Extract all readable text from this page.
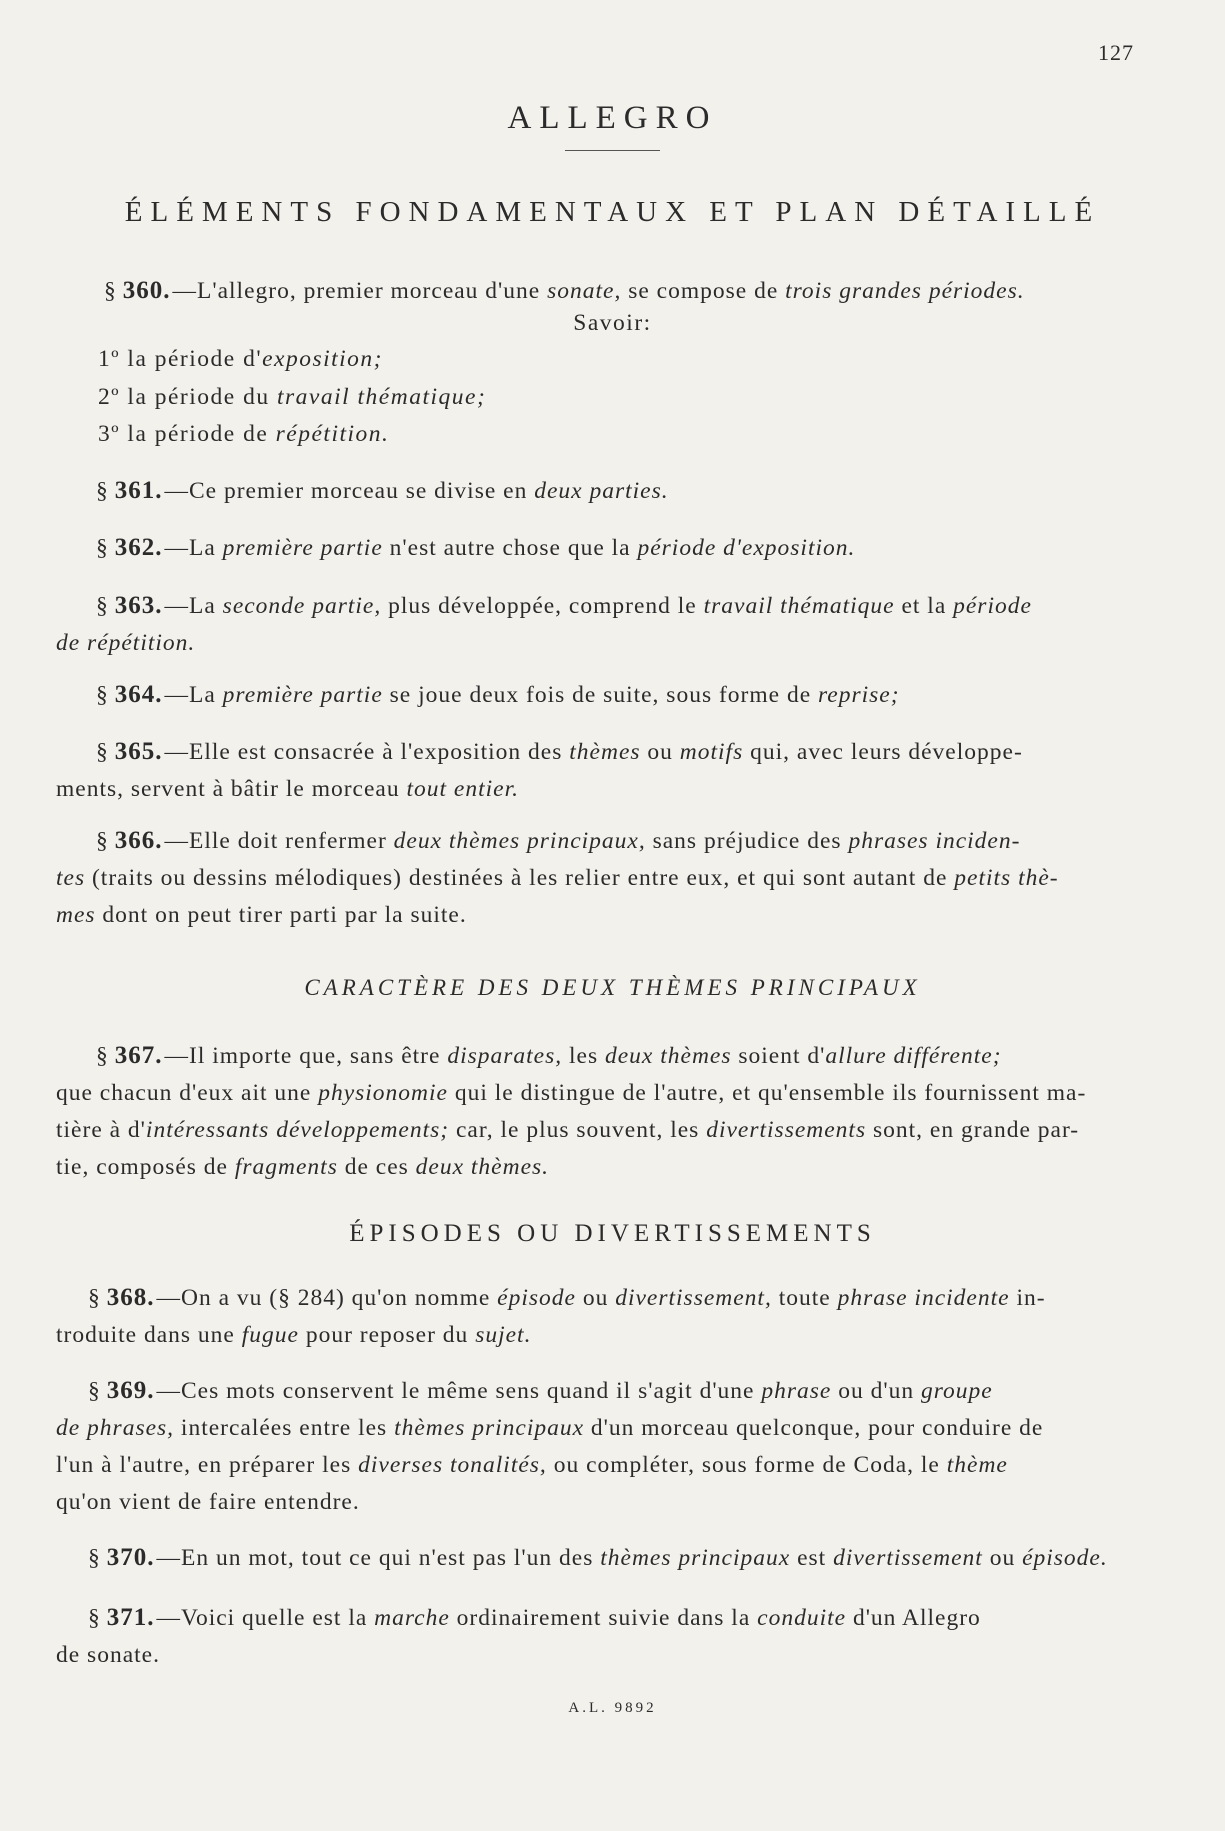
127
ALLEGRO
ÉLÉMENTS FONDAMENTAUX ET PLAN DÉTAILLÉ
§ 360.—L'allegro, premier morceau d'une sonate, se compose de trois grandes périodes.
Savoir:
1º la période d'exposition;
2º la période du travail thématique;
3º la période de répétition.
§ 361.—Ce premier morceau se divise en deux parties.
§ 362.—La première partie n'est autre chose que la période d'exposition.
§ 363.—La seconde partie, plus développée, comprend le travail thématique et la période
de répétition.
§ 364.—La première partie se joue deux fois de suite, sous forme de reprise;
§ 365.—Elle est consacrée à l'exposition des thèmes ou motifs qui, avec leurs développe-
ments, servent à bâtir le morceau tout entier.
§ 366.—Elle doit renfermer deux thèmes principaux, sans préjudice des phrases inciden-
tes (traits ou dessins mélodiques) destinées à les relier entre eux, et qui sont autant de petits thè-
mes dont on peut tirer parti par la suite.
CARACTÈRE DES DEUX THÈMES PRINCIPAUX
§ 367.—Il importe que, sans être disparates, les deux thèmes soient d'allure différente;
que chacun d'eux ait une physionomie qui le distingue de l'autre, et qu'ensemble ils fournissent ma-
tière à d'intéressants développements; car, le plus souvent, les divertissements sont, en grande par-
tie, composés de fragments de ces deux thèmes.
ÉPISODES OU DIVERTISSEMENTS
§ 368.—On a vu (§ 284) qu'on nomme épisode ou divertissement, toute phrase incidente in-
troduite dans une fugue pour reposer du sujet.
§ 369.—Ces mots conservent le même sens quand il s'agit d'une phrase ou d'un groupe
de phrases, intercalées entre les thèmes principaux d'un morceau quelconque, pour conduire de
l'un à l'autre, en préparer les diverses tonalités, ou compléter, sous forme de Coda, le thème
qu'on vient de faire entendre.
§ 370.—En un mot, tout ce qui n'est pas l'un des thèmes principaux est divertissement ou épisode.
§ 371.—Voici quelle est la marche ordinairement suivie dans la conduite d'un Allegro
de sonate.
A.L. 9892
